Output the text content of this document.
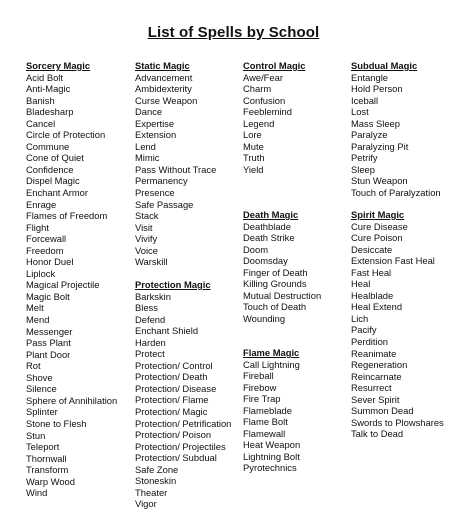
List of Spells by School
Sorcery Magic
Acid Bolt
Anti-Magic
Banish
Bladesharp
Cancel
Circle of Protection
Commune
Cone of Quiet
Confidence
Dispel Magic
Enchant Armor
Enrage
Flames of Freedom
Flight
Forcewall
Freedom
Honor Duel
Liplock
Magical Projectile
Magic Bolt
Melt
Mend
Messenger
Pass Plant
Plant Door
Rot
Shove
Silence
Sphere of Annihilation
Splinter
Stone to Flesh
Stun
Teleport
Thornwall
Transform
Warp Wood
Wind
Static Magic
Advancement
Ambidexterity
Curse Weapon
Dance
Expertise
Extension
Lend
Mimic
Pass Without Trace
Permanency
Presence
Safe Passage
Stack
Visit
Vivify
Voice
Warskill
Protection Magic
Barkskin
Bless
Defend
Enchant Shield
Harden
Protect
Protection/ Control
Protection/ Death
Protection/ Disease
Protection/ Flame
Protection/ Magic
Protection/ Petrification
Protection/ Poison
Protection/ Projectiles
Protection/ Subdual
Safe Zone
Stoneskin
Theater
Vigor
Control Magic
Awe/Fear
Charm
Confusion
Feeblemind
Legend
Lore
Mute
Truth
Yield
Death Magic
Deathblade
Death Strike
Doom
Doomsday
Finger of Death
Killing Grounds
Mutual Destruction
Touch of Death
Wounding
Flame Magic
Call Lightning
Fireball
Firebow
Fire Trap
Flameblade
Flame Bolt
Flamewall
Heat Weapon
Lightning Bolt
Pyrotechnics
Subdual Magic
Entangle
Hold Person
Iceball
Lost
Mass Sleep
Paralyze
Paralyzing Pit
Petrify
Sleep
Stun Weapon
Touch of Paralyzation
Spirit Magic
Cure Disease
Cure Poison
Desiccate
Extension Fast Heal
Fast Heal
Heal
Healblade
Heal Extend
Lich
Pacify
Perdition
Reanimate
Regeneration
Reincarnate
Resurrect
Sever Spirit
Summon Dead
Swords to Plowshares
Talk to Dead
